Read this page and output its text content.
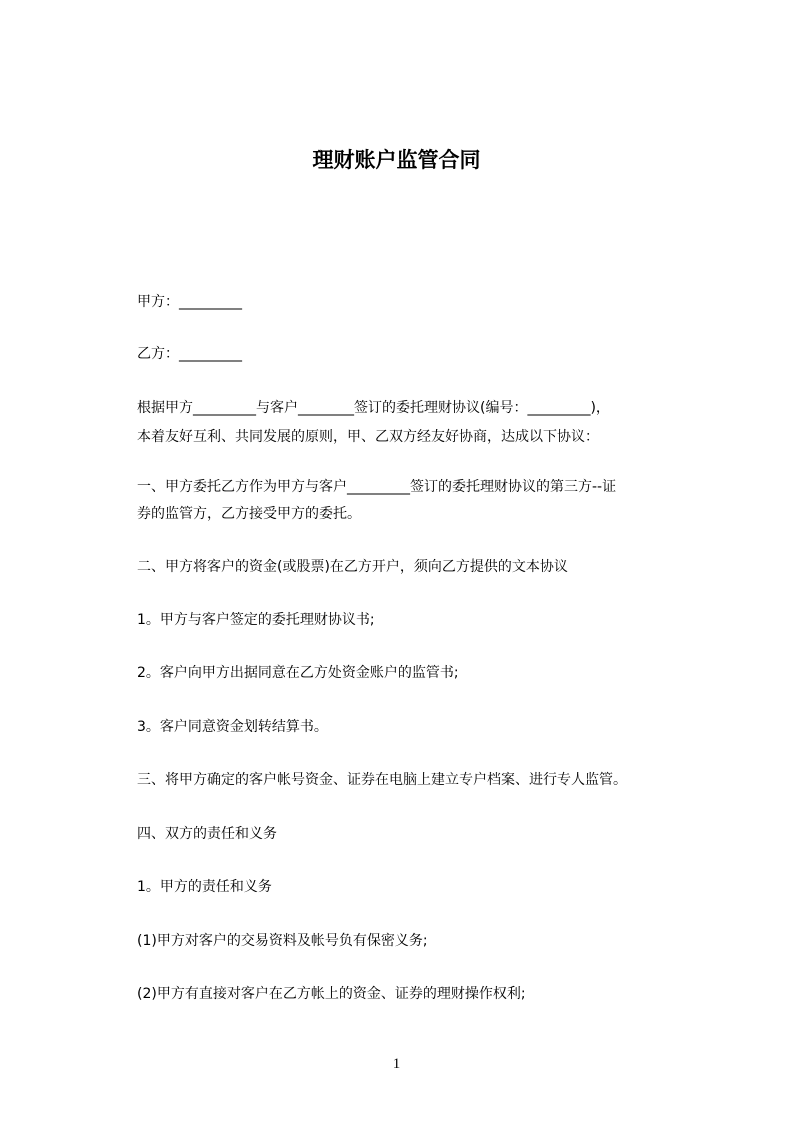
理财账户监管合同
甲方：_________
乙方：_________
根据甲方_________与客户________签订的委托理财协议(编号：_________)，
本着友好互利、共同发展的原则，甲、乙双方经友好协商，达成以下协议：
一、甲方委托乙方作为甲方与客户_________签订的委托理财协议的第三方--证
券的监管方，乙方接受甲方的委托。
二、甲方将客户的资金(或股票)在乙方开户，须向乙方提供的文本协议
1。甲方与客户签定的委托理财协议书;
2。客户向甲方出据同意在乙方处资金账户的监管书;
3。客户同意资金划转结算书。
三、将甲方确定的客户帐号资金、证券在电脑上建立专户档案、进行专人监管。
四、双方的责任和义务
1。甲方的责任和义务
(1)甲方对客户的交易资料及帐号负有保密义务;
(2)甲方有直接对客户在乙方帐上的资金、证券的理财操作权利;
1
